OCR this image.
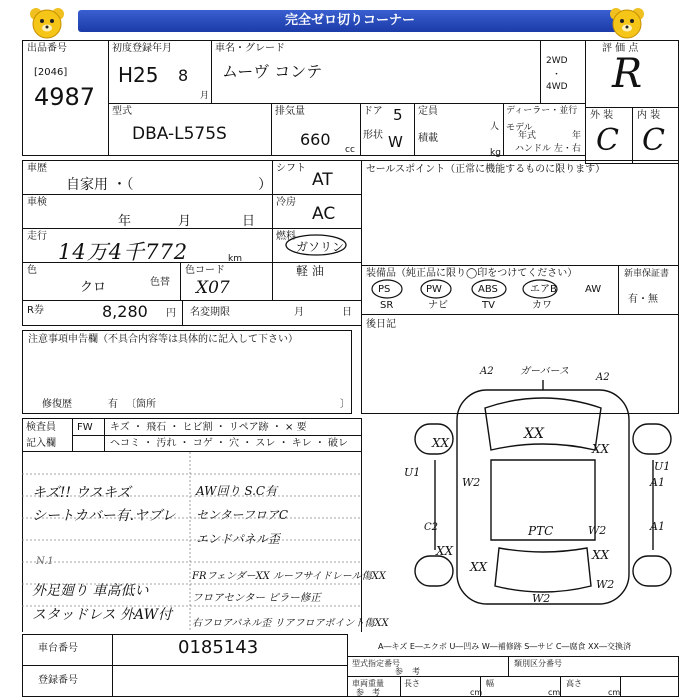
完全ゼロ切りコーナー
出品番号
[2046]
4987
初度登録年月
H25 8
月
車名・グレード
ムーヴ コンテ
2WD
・
4WD
評 価 点
R
型式
DBA-L575S
排気量
660
cc
ドア 5
形状 W
定員
人
積載
kg
ディーラー・並行
モデル
年式	年
ハンドル 左・右
外 装
C
内 装
C
車歴
自家用 ・（	）
シフト
AT
車検
年	月	日
冷房
AC
走行
14万4千772	km
燃料
ガソリン
軽 油
色
クロ	色替
色コード
X07
R券	8,280 円 名変期限	月	日
セールスポイント（正常に機能するものに限ります）
装備品（純正品に限り◯印をつけてください）	新車保証書
有・無
PS	PW	ABS	エアB	AW
SR	ナビ	TV	カワ
後日記
注意事項申告欄（不具合内容等は具体的に記入して下さい）
修復歴	有 〔箇所	〕
検査員
記入欄
FW キズ ・ 飛石 ・ ヒビ割 ・ リペア跡 ・ × 要
ヘコミ ・ 汚れ ・ コゲ ・ 穴 ・ スレ ・ キレ ・ 破レ
キズ!! ウスキズ
シートカバー有.ヤブレ
N.1
外足廻り 車高低い
スタッドレス 外AW付
AW回り S.C有
センターフロアC
エンドパネル歪
FRフェンダーXX ルーフサイドレール傷XX
フロアセンター ピラー修正
右フロアパネル歪 リアフロアポイント傷XX
A2	ガーバース
A2
XX
XX	XX
U1
W2
U1
A1
C2	W2	A1
XX
XX
PTC
XX
W2
W2
A―キズ E―エクボ U―凹み W―補修跡 S―サビ C―腐食 XX―交換済
車台番号	0185143
登録番号
型式指定番号	類別区分番号
参 考
車両重量	長さ	幅	高さ
参 考	cm	cm	cm
